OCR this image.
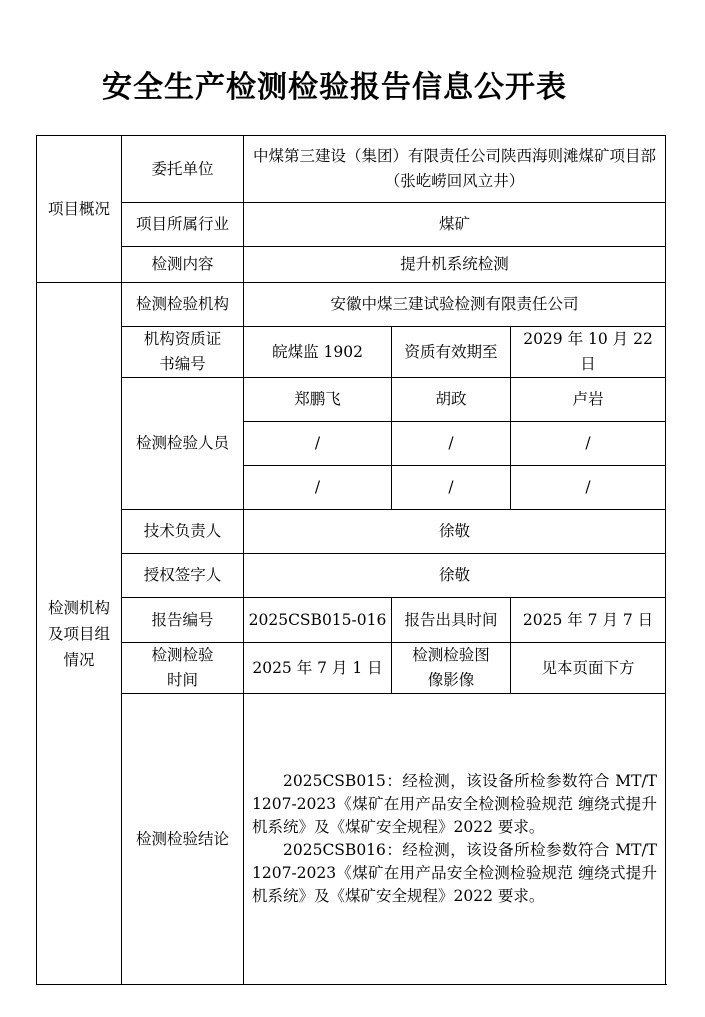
安全生产检测检验报告信息公开表
项目概况	委托单位	中煤第三建设（集团）有限责任公司陕西海则滩煤矿项目部（张屹崂回风立井）		
	项目所属行业	煤矿		
	检测内容	提升机系统检测		
检测机构及项目组情况	检测检验机构	安徽中煤三建试验检测有限责任公司		
	机构资质证书编号	皖煤监 1902	资质有效期至	2029 年 10 月 22 日
	检测检验人员	郑鹏飞	胡政	卢岩
		/	/	/
		/	/	/
	技术负责人	徐敬		
	授权签字人	徐敬		
	报告编号	2025CSB015-016	报告出具时间	2025 年 7 月 7 日
	检测检验时间	2025 年 7 月 1 日	检测检验图像影像	见本页面下方
	检测检验结论	2025CSB015：经检测，该设备所检参数符合 MT/T 1207-2023《煤矿在用产品安全检测检验规范 缠绕式提升机系统》及《煤矿安全规程》2022 要求。

2025CSB016：经检测，该设备所检参数符合 MT/T 1207-2023《煤矿在用产品安全检测检验规范 缠绕式提升机系统》及《煤矿安全规程》2022 要求。		
